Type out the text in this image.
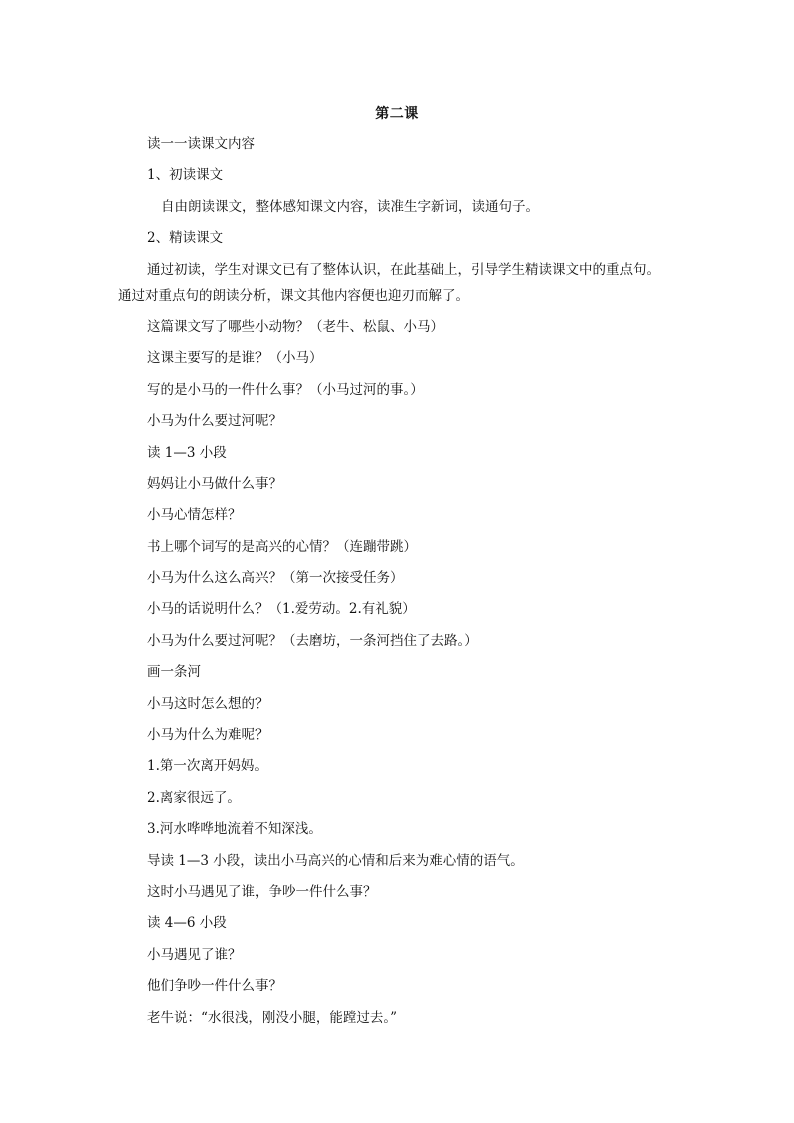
第二课
读一一读课文内容
1、初读课文
自由朗读课文，整体感知课文内容，读准生字新词，读通句子。
2、精读课文
通过初读，学生对课文已有了整体认识，在此基础上，引导学生精读课文中的重点句。
通过对重点句的朗读分析，课文其他内容便也迎刃而解了。
这篇课文写了哪些小动物？（老牛、松鼠、小马）
这课主要写的是谁？（小马）
写的是小马的一件什么事？（小马过河的事。）
小马为什么要过河呢？
读 1—3 小段
妈妈让小马做什么事？
小马心情怎样？
书上哪个词写的是高兴的心情？（连蹦带跳）
小马为什么这么高兴？（第一次接受任务）
小马的话说明什么？（1.爱劳动。2.有礼貌）
小马为什么要过河呢？（去磨坊，一条河挡住了去路。）
画一条河
小马这时怎么想的？
小马为什么为难呢？
1.第一次离开妈妈。
2.离家很远了。
3.河水哗哗地流着不知深浅。
导读 1—3 小段，读出小马高兴的心情和后来为难心情的语气。
这时小马遇见了谁，争吵一件什么事？
读 4—6 小段
小马遇见了谁？
他们争吵一件什么事？
老牛说：“水很浅，刚没小腿，能蹚过去。”
